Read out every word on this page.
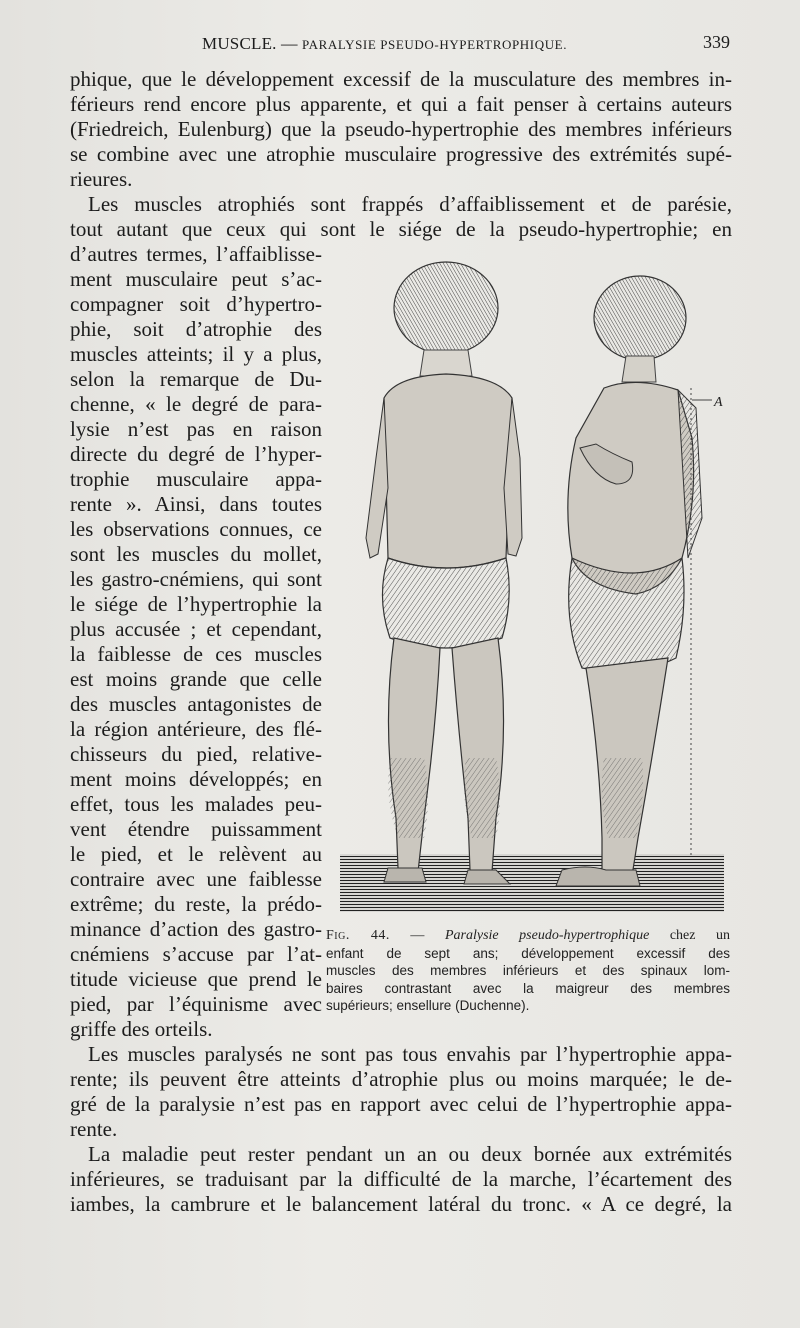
MUSCLE. — PARALYSIE PSEUDO-HYPERTROPHIQUE.	339
phique, que le développement excessif de la musculature des membres in-
férieurs rend encore plus apparente, et qui a fait penser à certains auteurs
(Friedreich, Eulenburg) que la pseudo-hypertrophie des membres inférieurs
se combine avec une atrophie musculaire progressive des extrémités supé-
rieures.
Les muscles atrophiés sont frappés d’affaiblissement et de parésie,
tout autant que ceux qui sont le siége de la pseudo-hypertrophie; en
d’autres termes, l’affaiblisse-
ment musculaire peut s’ac-
compagner soit d’hypertro-
phie, soit d’atrophie des
muscles atteints; il y a plus,
selon la remarque de Du-
chenne, « le degré de para-
lysie n’est pas en raison
directe du degré de l’hyper-
trophie musculaire appa-
rente ». Ainsi, dans toutes
les observations connues, ce
sont les muscles du mollet,
les gastro-cnémiens, qui sont
le siége de l’hypertrophie la
plus accusée ; et cependant,
la faiblesse de ces muscles
est moins grande que celle
des muscles antagonistes de
la région antérieure, des flé-
chisseurs du pied, relative-
ment moins développés; en
effet, tous les malades peu-
vent étendre puissamment
le pied, et le relèvent au
contraire avec une faiblesse
extrême; du reste, la prédo-
minance d’action des gastro-
cnémiens s’accuse par l’at-
titude vicieuse que prend le
pied, par l’équinisme avec
griffe des orteils.
Les muscles paralysés ne sont pas tous envahis par l’hypertrophie appa-
rente; ils peuvent être atteints d’atrophie plus ou moins marquée; le de-
gré de la paralysie n’est pas en rapport avec celui de l’hypertrophie appa-
rente.
La maladie peut rester pendant un an ou deux bornée aux extrémités
inférieures, se traduisant par la difficulté de la marche, l’écartement des
iambes, la cambrure et le balancement latéral du tronc. « A ce degré, la
A
Fig. 44. — Paralysie pseudo-hypertrophique chez un
enfant de sept ans; développement excessif des
muscles des membres inférieurs et des spinaux lom-
baires contrastant avec la maigreur des membres
supérieurs; ensellure (Duchenne).
